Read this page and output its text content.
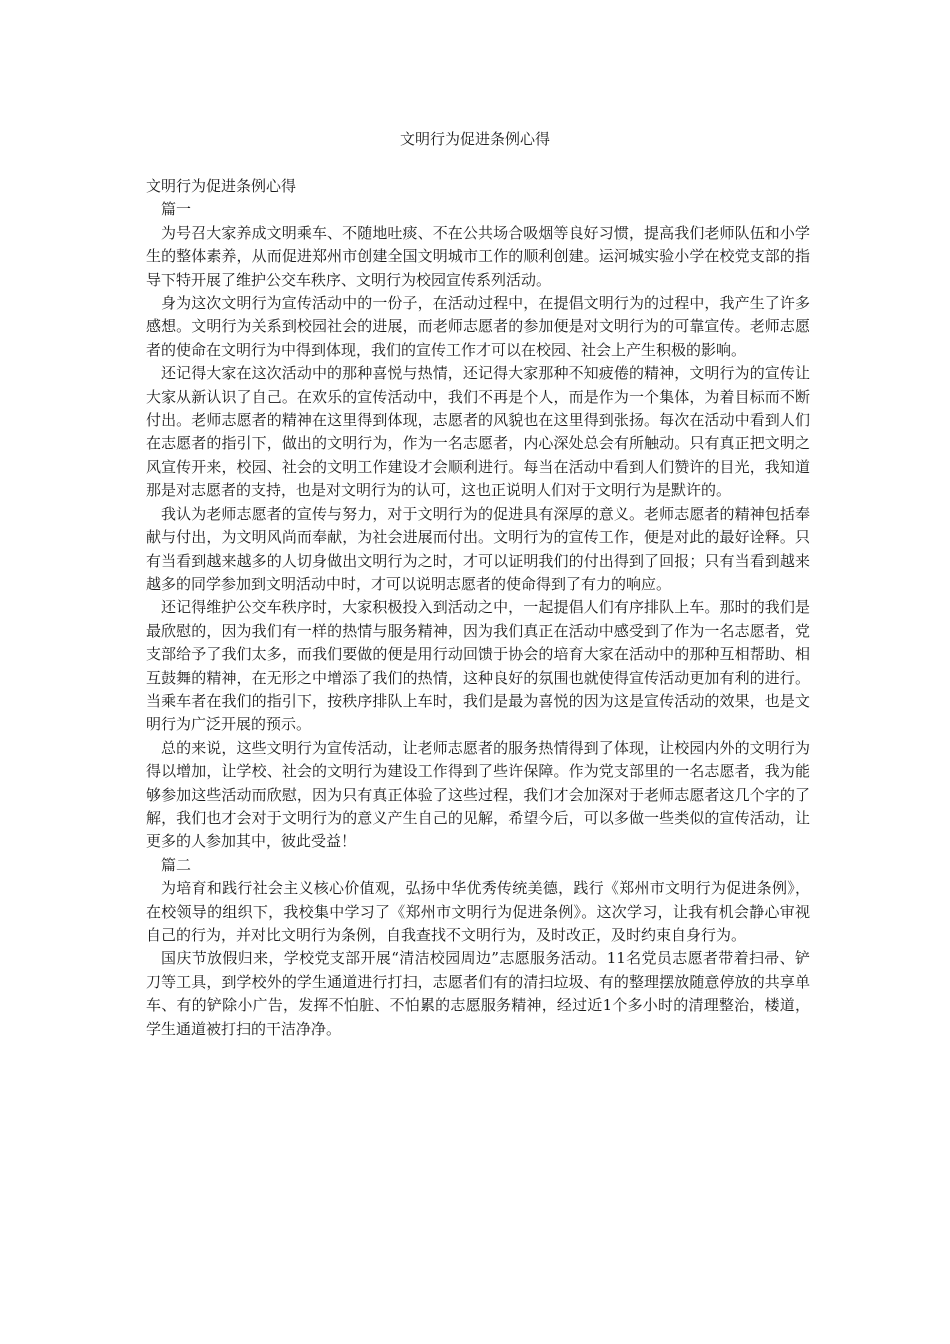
文明行为促进条例心得
文明行为促进条例心得
篇一

为号召大家养成文明乘车、不随地吐痰、不在公共场合吸烟等良好习惯，提高我们老师队伍和小学生的整体素养，从而促进郑州市创建全国文明城市工作的顺利创建。运河城实验小学在校党支部的指导下特开展了维护公交车秩序、文明行为校园宣传系列活动。

身为这次文明行为宣传活动中的一份子，在活动过程中，在提倡文明行为的过程中，我产生了许多感想。文明行为关系到校园社会的进展，而老师志愿者的参加便是对文明行为的可靠宣传。老师志愿者的使命在文明行为中得到体现，我们的宣传工作才可以在校园、社会上产生积极的影响。

还记得大家在这次活动中的那种喜悦与热情，还记得大家那种不知疲倦的精神，文明行为的宣传让大家从新认识了自己。在欢乐的宣传活动中，我们不再是个人，而是作为一个集体，为着目标而不断付出。老师志愿者的精神在这里得到体现，志愿者的风貌也在这里得到张扬。每次在活动中看到人们在志愿者的指引下，做出的文明行为，作为一名志愿者，内心深处总会有所触动。只有真正把文明之风宣传开来，校园、社会的文明工作建设才会顺利进行。每当在活动中看到人们赞许的目光，我知道那是对志愿者的支持，也是对文明行为的认可，这也正说明人们对于文明行为是默许的。

我认为老师志愿者的宣传与努力，对于文明行为的促进具有深厚的意义。老师志愿者的精神包括奉献与付出，为文明风尚而奉献，为社会进展而付出。文明行为的宣传工作，便是对此的最好诠释。只有当看到越来越多的人切身做出文明行为之时，才可以证明我们的付出得到了回报；只有当看到越来越多的同学参加到文明活动中时，才可以说明志愿者的使命得到了有力的响应。

还记得维护公交车秩序时，大家积极投入到活动之中，一起提倡人们有序排队上车。那时的我们是最欣慰的，因为我们有一样的热情与服务精神，因为我们真正在活动中感受到了作为一名志愿者，党支部给予了我们太多，而我们要做的便是用行动回馈于协会的培育大家在活动中的那种互相帮助、相互鼓舞的精神，在无形之中增添了我们的热情，这种良好的氛围也就使得宣传活动更加有利的进行。当乘车者在我们的指引下，按秩序排队上车时，我们是最为喜悦的因为这是宣传活动的效果，也是文明行为广泛开展的预示。

总的来说，这些文明行为宣传活动，让老师志愿者的服务热情得到了体现，让校园内外的文明行为得以增加，让学校、社会的文明行为建设工作得到了些许保障。作为党支部里的一名志愿者，我为能够参加这些活动而欣慰，因为只有真正体验了这些过程，我们才会加深对于老师志愿者这几个字的了解，我们也才会对于文明行为的意义产生自己的见解，希望今后，可以多做一些类似的宣传活动，让更多的人参加其中，彼此受益！

篇二

为培育和践行社会主义核心价值观，弘扬中华优秀传统美德，践行《郑州市文明行为促进条例》，在校领导的组织下，我校集中学习了《郑州市文明行为促进条例》。这次学习，让我有机会静心审视自己的行为，并对比文明行为条例，自我查找不文明行为，及时改正，及时约束自身行为。

国庆节放假归来，学校党支部开展“清洁校园周边”志愿服务活动。11名党员志愿者带着扫帚、铲刀等工具，到学校外的学生通道进行打扫，志愿者们有的清扫垃圾、有的整理摆放随意停放的共享单车、有的铲除小广告，发挥不怕脏、不怕累的志愿服务精神，经过近1个多小时的清理整治，楼道，学生通道被打扫的干洁净净。
